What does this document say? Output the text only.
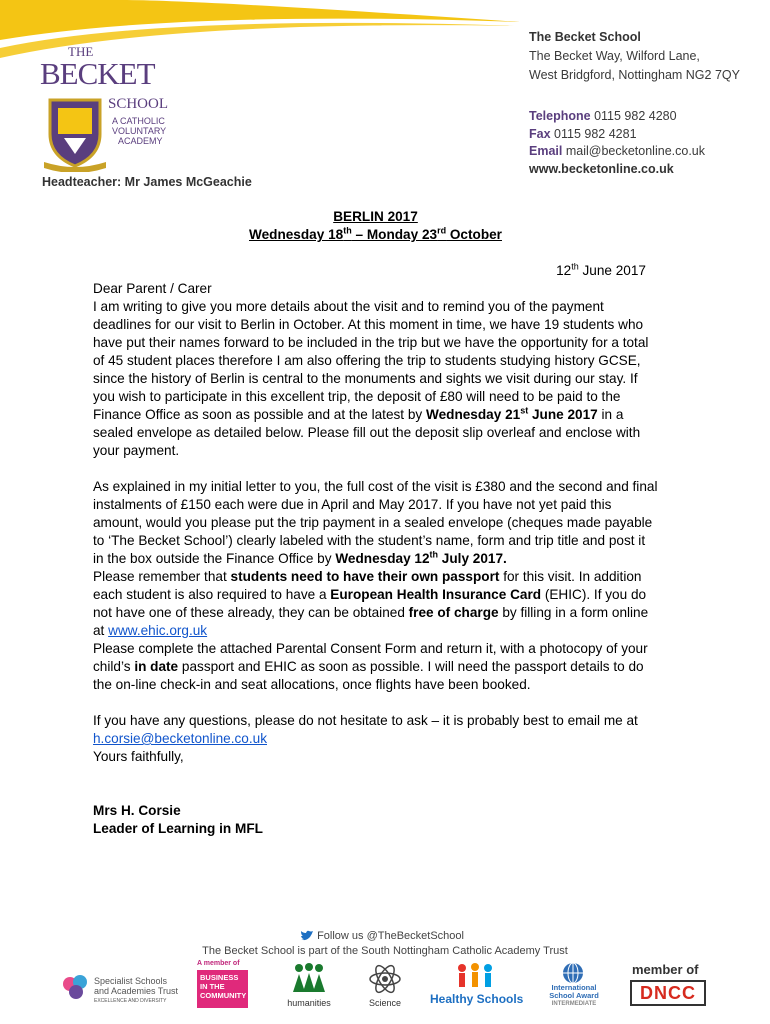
THE
BECKET
SCHOOL
A CATHOLIC
VOLUNTARY
ACADEMY
The Becket School
The Becket Way, Wilford Lane,
West Bridgford, Nottingham NG2 7QY
Telephone 0115 982 4280
Fax 0115 982 4281
Email mail@becketonline.co.uk
www.becketonline.co.uk
Headteacher: Mr James McGeachie

BERLIN 2017

Wednesday 18th – Monday 23rd October

12th June 2017

Dear Parent / Carer

I am writing to give you more details about the visit and to remind you of the payment deadlines for our visit to Berlin in October. At this moment in time, we have 19 students who have put their names forward to be included in the trip but we have the opportunity for a total of 45 student places therefore I am also offering the trip to students studying history GCSE, since the history of Berlin is central to the monuments and sights we visit during our stay. If you wish to participate in this excellent trip, the deposit of £80 will need to be paid to the Finance Office as soon as possible and at the latest by Wednesday 21st June 2017 in a sealed envelope as detailed below. Please fill out the deposit slip overleaf and enclose with your payment.

As explained in my initial letter to you, the full cost of the visit is £380 and the second and final instalments of £150 each were due in April and May 2017. If you have not yet paid this amount, would you please put the trip payment in a sealed envelope (cheques made payable to ‘The Becket School’) clearly labeled with the student’s name, form and trip title and post it in the box outside the Finance Office by Wednesday 12th July 2017.

Please remember that students need to have their own passport for this visit. In addition each student is also required to have a European Health Insurance Card (EHIC). If you do not have one of these already, they can be obtained free of charge by filling in a form online at www.ehic.org.uk

Please complete the attached Parental Consent Form and return it, with a photocopy of your child’s in date passport and EHIC as soon as possible. I will need the passport details to do the on-line check-in and seat allocations, once flights have been booked.

If you have any questions, please do not hesitate to ask – it is probably best to email me at h.corsie@becketonline.co.uk

Yours faithfully,

Mrs H. Corsie

Leader of Learning in MFL

Follow us @TheBecketSchool
The Becket School is part of the South Nottingham Catholic Academy Trust
Specialist Schools
and Academies Trust
EXCELLENCE AND DIVERSITY
A member of
BUSINESS
IN THE
COMMUNITY
humanities	Science	Healthy Schools
International
School Award
INTERMEDIATE
member of
DNCC
